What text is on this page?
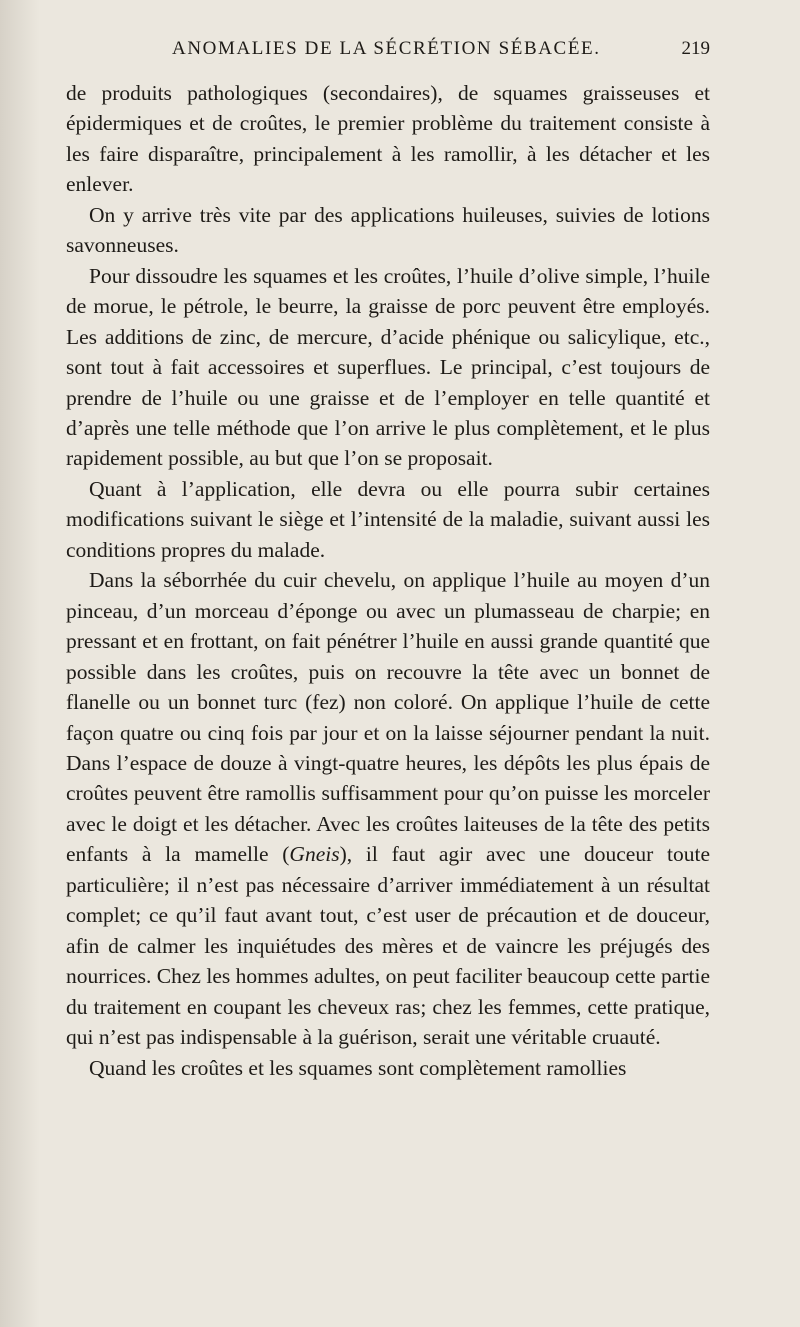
ANOMALIES DE LA SÉCRÉTION SÉBACÉE.	219

de produits pathologiques (secondaires), de squames graisseuses et épidermiques et de croûtes, le premier problème du traitement consiste à les faire disparaître, principalement à les ramollir, à les détacher et les enlever.

On y arrive très vite par des applications huileuses, suivies de lotions savonneuses.

Pour dissoudre les squames et les croûtes, l’huile d’olive simple, l’huile de morue, le pétrole, le beurre, la graisse de porc peuvent être employés. Les additions de zinc, de mercure, d’acide phénique ou salicylique, etc., sont tout à fait accessoires et superflues. Le principal, c’est toujours de prendre de l’huile ou une graisse et de l’employer en telle quantité et d’après une telle méthode que l’on arrive le plus complètement, et le plus rapidement possible, au but que l’on se proposait.

Quant à l’application, elle devra ou elle pourra subir certaines modifications suivant le siège et l’intensité de la maladie, suivant aussi les conditions propres du malade.

Dans la séborrhée du cuir chevelu, on applique l’huile au moyen d’un pinceau, d’un morceau d’éponge ou avec un plumasseau de charpie; en pressant et en frottant, on fait pénétrer l’huile en aussi grande quantité que possible dans les croûtes, puis on recouvre la tête avec un bonnet de flanelle ou un bonnet turc (fez) non coloré. On applique l’huile de cette façon quatre ou cinq fois par jour et on la laisse séjourner pendant la nuit. Dans l’espace de douze à vingt-quatre heures, les dépôts les plus épais de croûtes peuvent être ramollis suffisamment pour qu’on puisse les morceler avec le doigt et les détacher. Avec les croûtes laiteuses de la tête des petits enfants à la mamelle (Gneis), il faut agir avec une douceur toute particulière; il n’est pas nécessaire d’arriver immédiatement à un résultat complet; ce qu’il faut avant tout, c’est user de précaution et de douceur, afin de calmer les inquiétudes des mères et de vaincre les préjugés des nourrices. Chez les hommes adultes, on peut faciliter beaucoup cette partie du traitement en coupant les cheveux ras; chez les femmes, cette pratique, qui n’est pas indispensable à la guérison, serait une véritable cruauté.

Quand les croûtes et les squames sont complètement ramollies
